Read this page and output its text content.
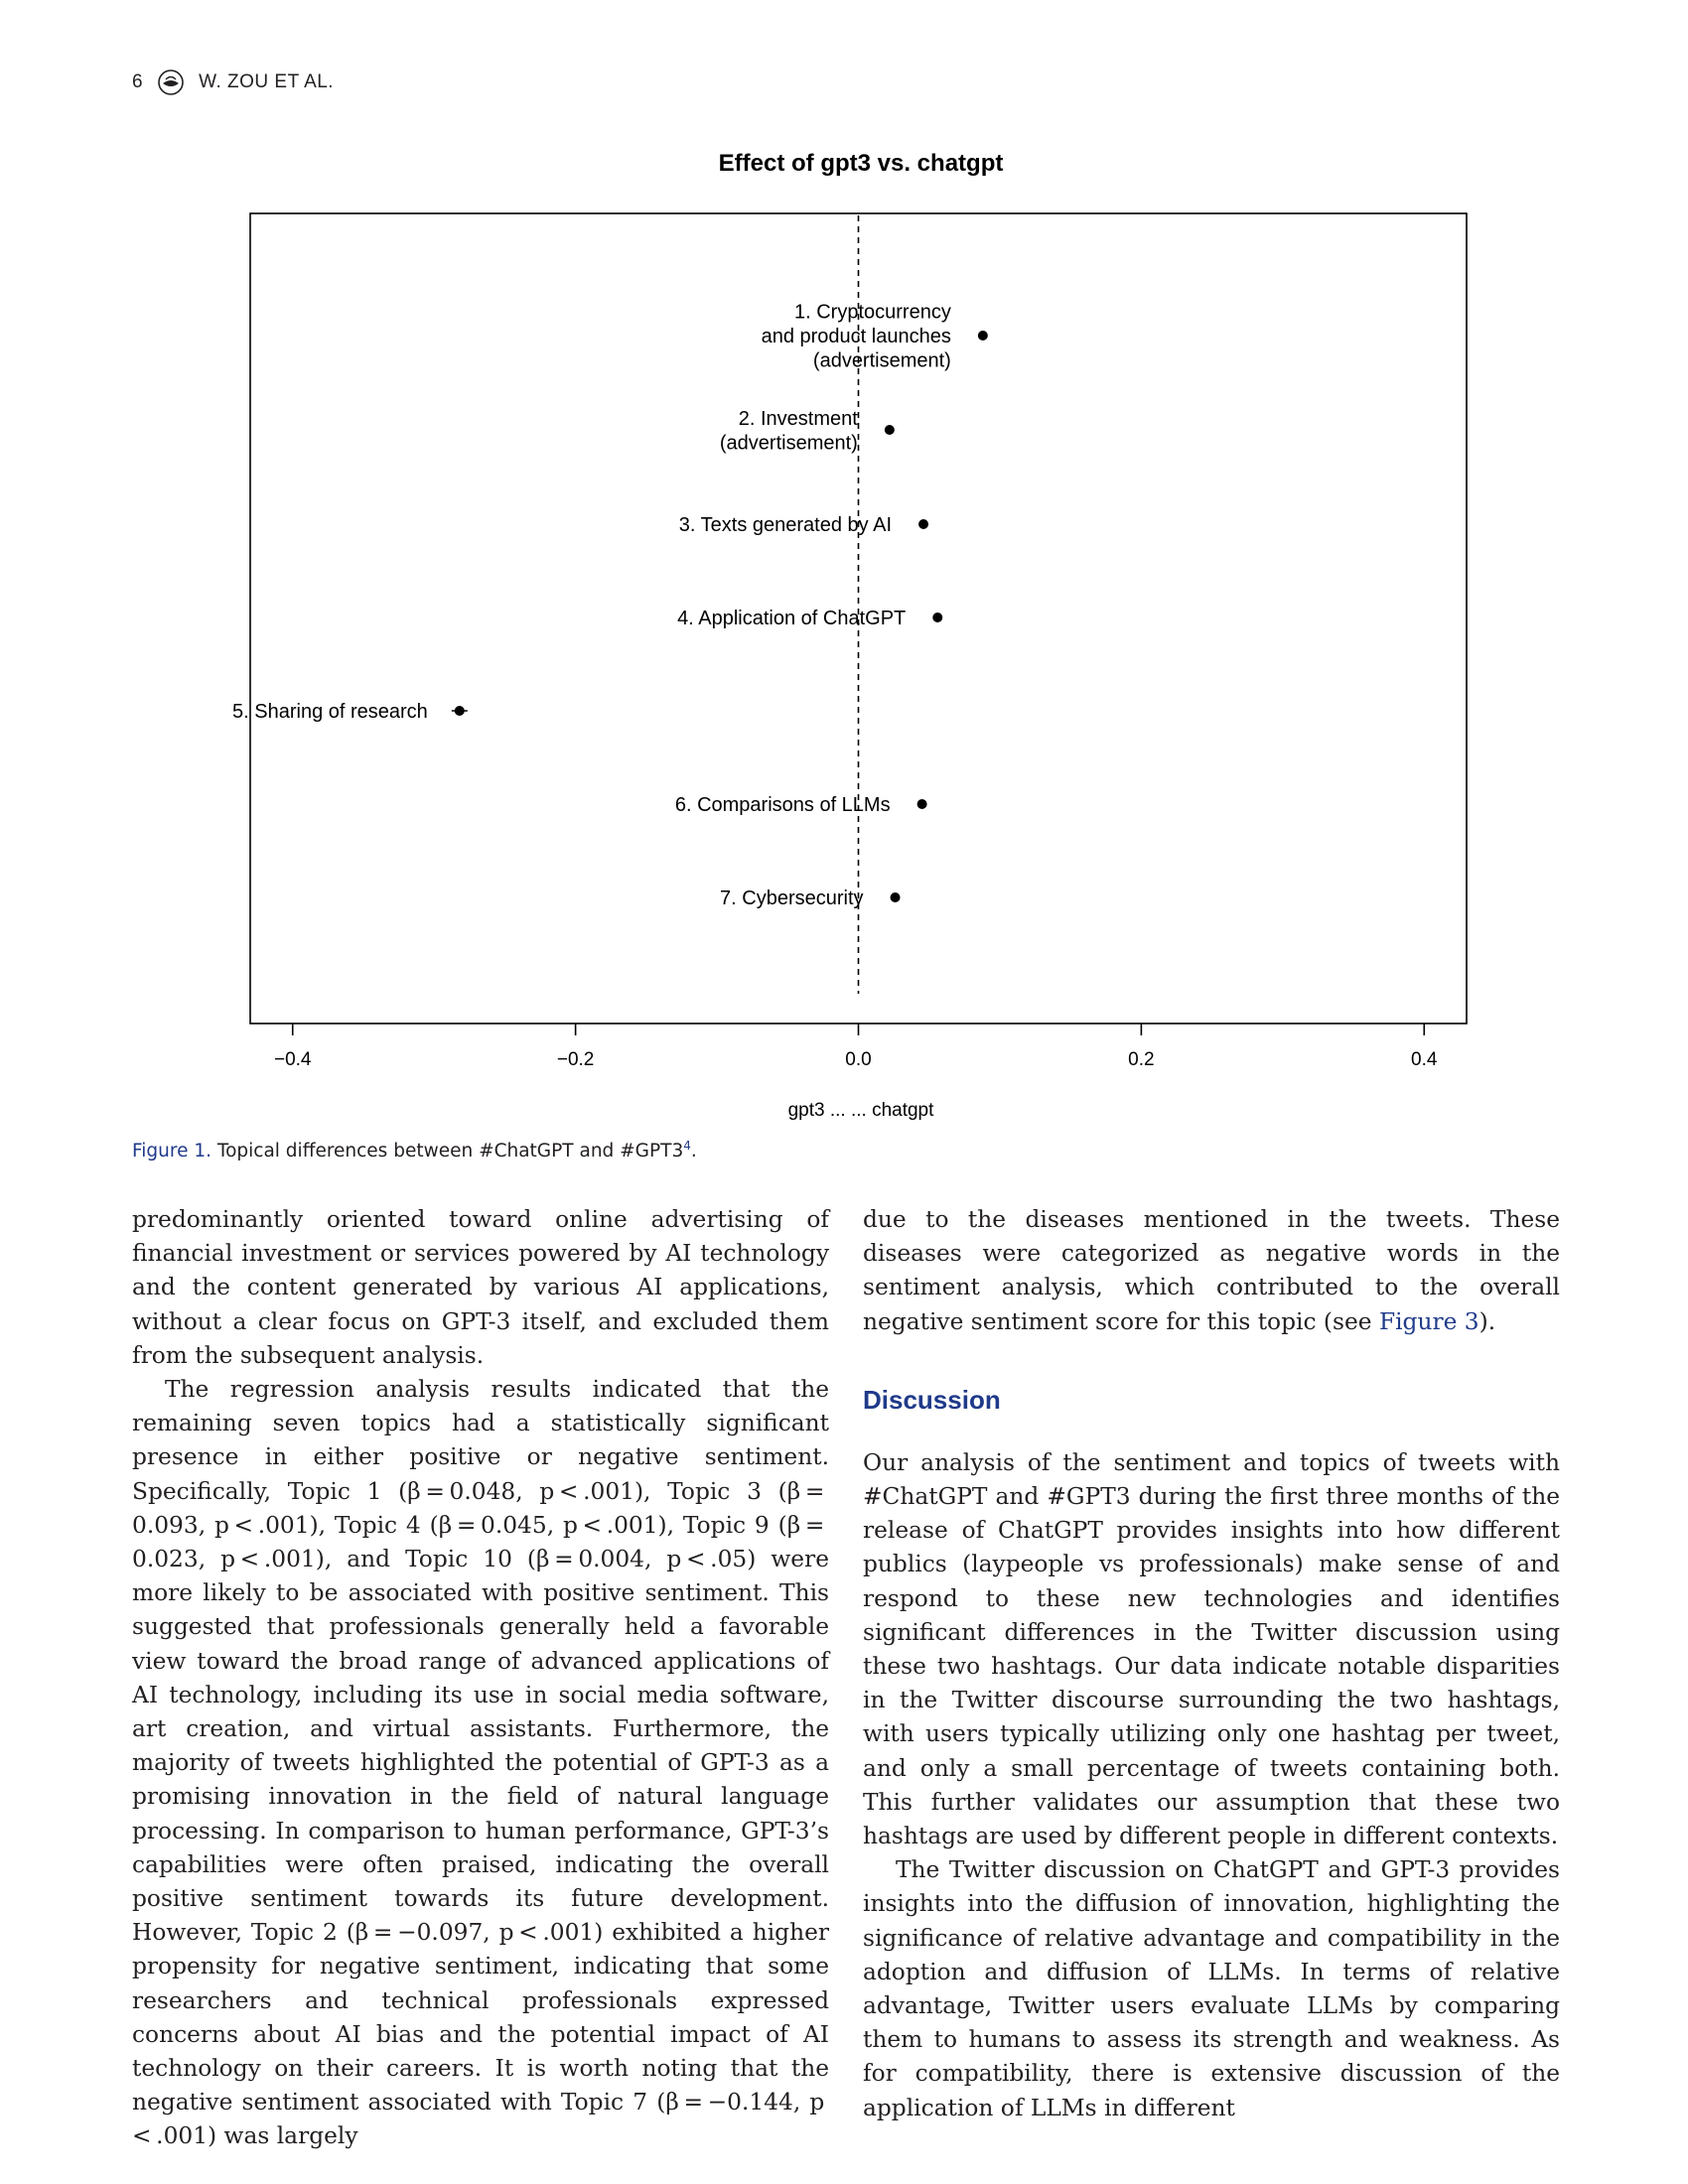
6	W. ZOU ET AL.
Effect of gpt3 vs. chatgpt
−0.4	−0.2	0.0	0.2	0.4
gpt3 ... ... chatgpt
1. Cryptocurrency and product launches (advertisement)
2. Investment (advertisement)
3. Texts generated by AI
4. Application of ChatGPT
5. Sharing of research
6. Comparisons of LLMs
7. Cybersecurity
Figure 1. Topical differences between #ChatGPT and $\#GPT3^4$.

predominantly oriented toward online advertising of financial investment or services powered by AI technology and the content generated by various AI applications, without a clear focus on GPT-3 itself, and excluded them from the subsequent analysis.

The regression analysis results indicated that the remaining seven topics had a statistically significant presence in either positive or negative sentiment. Specifically, Topic 1 (β = 0.048, p < .001), Topic 3 (β = 0.093, p < .001), Topic 4 (β = 0.045, p < .001), Topic 9 (β = 0.023, p < .001), and Topic 10 (β = 0.004, p < .05) were more likely to be associated with positive sentiment. This suggested that professionals generally held a favorable view toward the broad range of advanced applications of AI technology, including its use in social media software, art creation, and virtual assistants. Furthermore, the majority of tweets highlighted the potential of GPT-3 as a promising innovation in the field of natural language processing. In comparison to human performance, GPT-3’s capabilities were often praised, indicating the overall positive sentiment towards its future development. However, Topic 2 (β = −0.097, p < .001) exhibited a higher propensity for negative sentiment, indicating that some researchers and technical professionals expressed concerns about AI bias and the potential impact of AI technology on their careers. It is worth noting that the negative sentiment associated with Topic 7 (β = −0.144, p < .001) was largely

due to the diseases mentioned in the tweets. These diseases were categorized as negative words in the sentiment analysis, which contributed to the overall negative sentiment score for this topic (see Figure 3).

Discussion

Our analysis of the sentiment and topics of tweets with #ChatGPT and #GPT3 during the first three months of the release of ChatGPT provides insights into how different publics (laypeople vs professionals) make sense of and respond to these new technologies and identifies significant differences in the Twitter discussion using these two hashtags. Our data indicate notable disparities in the Twitter discourse surrounding the two hashtags, with users typically utilizing only one hashtag per tweet, and only a small percentage of tweets containing both. This further validates our assumption that these two hashtags are used by different people in different contexts.

The Twitter discussion on ChatGPT and GPT-3 provides insights into the diffusion of innovation, highlighting the significance of relative advantage and compatibility in the adoption and diffusion of LLMs. In terms of relative advantage, Twitter users evaluate LLMs by comparing them to humans to assess its strength and weakness. As for compatibility, there is extensive discussion of the application of LLMs in different
